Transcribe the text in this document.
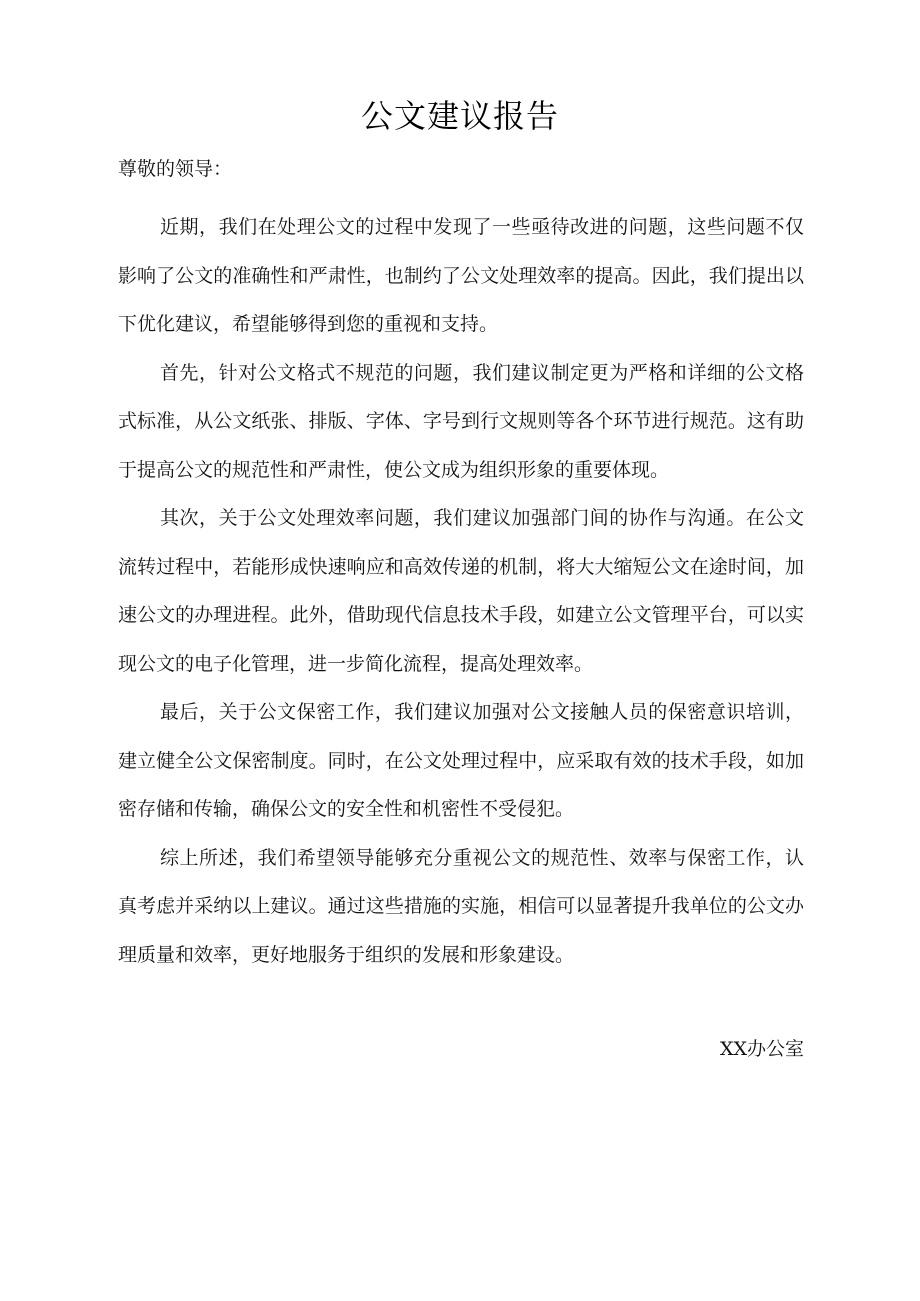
公文建议报告
尊敬的领导：

近期，我们在处理公文的过程中发现了一些亟待改进的问题，这些问题不仅影响了公文的准确性和严肃性，也制约了公文处理效率的提高。因此，我们提出以下优化建议，希望能够得到您的重视和支持。

首先，针对公文格式不规范的问题，我们建议制定更为严格和详细的公文格式标准，从公文纸张、排版、字体、字号到行文规则等各个环节进行规范。这有助于提高公文的规范性和严肃性，使公文成为组织形象的重要体现。

其次，关于公文处理效率问题，我们建议加强部门间的协作与沟通。在公文流转过程中，若能形成快速响应和高效传递的机制，将大大缩短公文在途时间，加速公文的办理进程。此外，借助现代信息技术手段，如建立公文管理平台，可以实现公文的电子化管理，进一步简化流程，提高处理效率。

最后，关于公文保密工作，我们建议加强对公文接触人员的保密意识培训，建立健全公文保密制度。同时，在公文处理过程中，应采取有效的技术手段，如加密存储和传输，确保公文的安全性和机密性不受侵犯。

综上所述，我们希望领导能够充分重视公文的规范性、效率与保密工作，认真考虑并采纳以上建议。通过这些措施的实施，相信可以显著提升我单位的公文办理质量和效率，更好地服务于组织的发展和形象建设。

XX办公室
